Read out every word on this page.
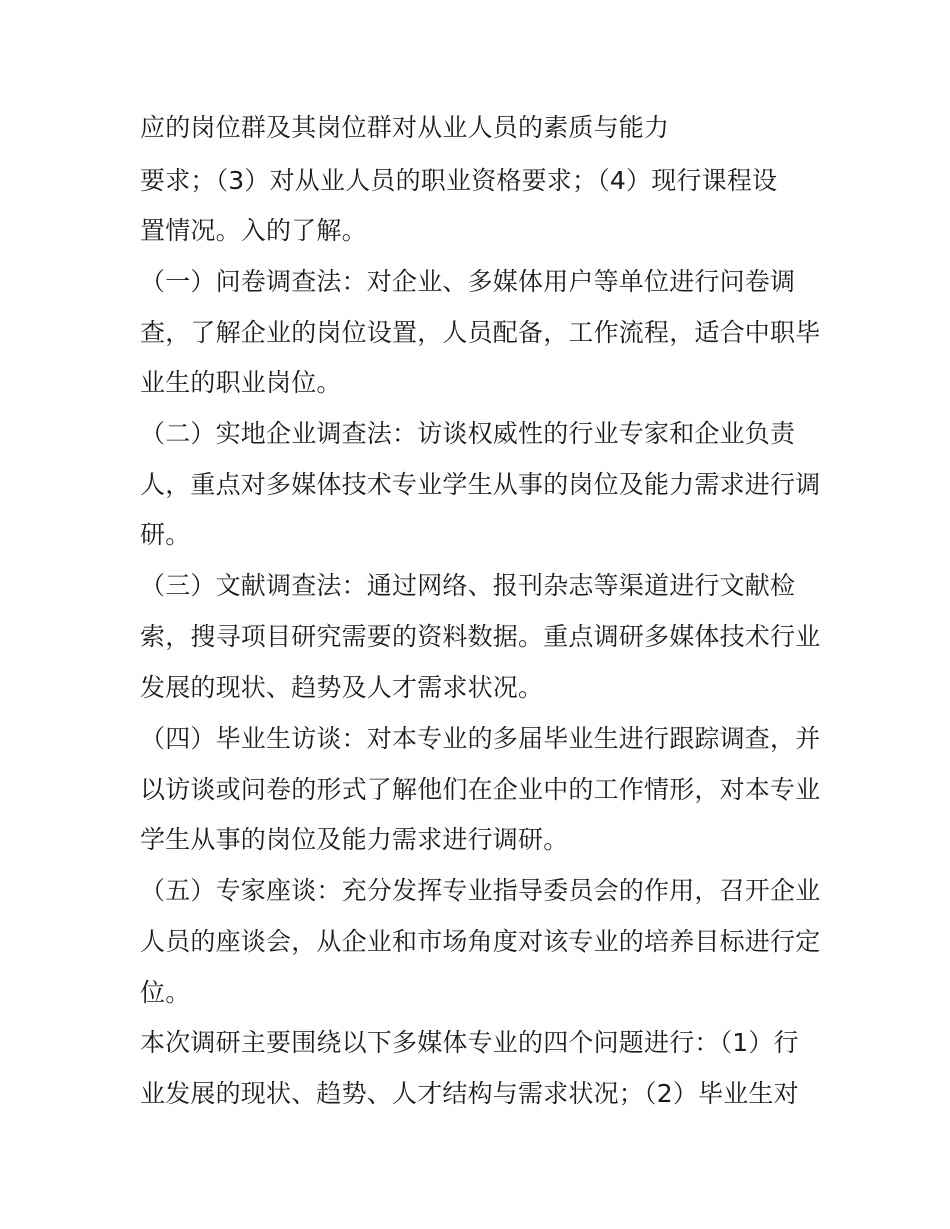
应的岗位群及其岗位群对从业人员的素质与能力
要求；（3）对从业人员的职业资格要求；（4）现行课程设
置情况。入的了解。
（一）问卷调查法：对企业、多媒体用户等单位进行问卷调
查，了解企业的岗位设置，人员配备，工作流程，适合中职毕
业生的职业岗位。
（二）实地企业调查法：访谈权威性的行业专家和企业负责
人，重点对多媒体技术专业学生从事的岗位及能力需求进行调
研。
（三）文献调查法：通过网络、报刊杂志等渠道进行文献检
索，搜寻项目研究需要的资料数据。重点调研多媒体技术行业
发展的现状、趋势及人才需求状况。
（四）毕业生访谈：对本专业的多届毕业生进行跟踪调查，并
以访谈或问卷的形式了解他们在企业中的工作情形，对本专业
学生从事的岗位及能力需求进行调研。
（五）专家座谈：充分发挥专业指导委员会的作用，召开企业
人员的座谈会，从企业和市场角度对该专业的培养目标进行定
位。
本次调研主要围绕以下多媒体专业的四个问题进行：（1）行
业发展的现状、趋势、人才结构与需求状况；（2）毕业生对
